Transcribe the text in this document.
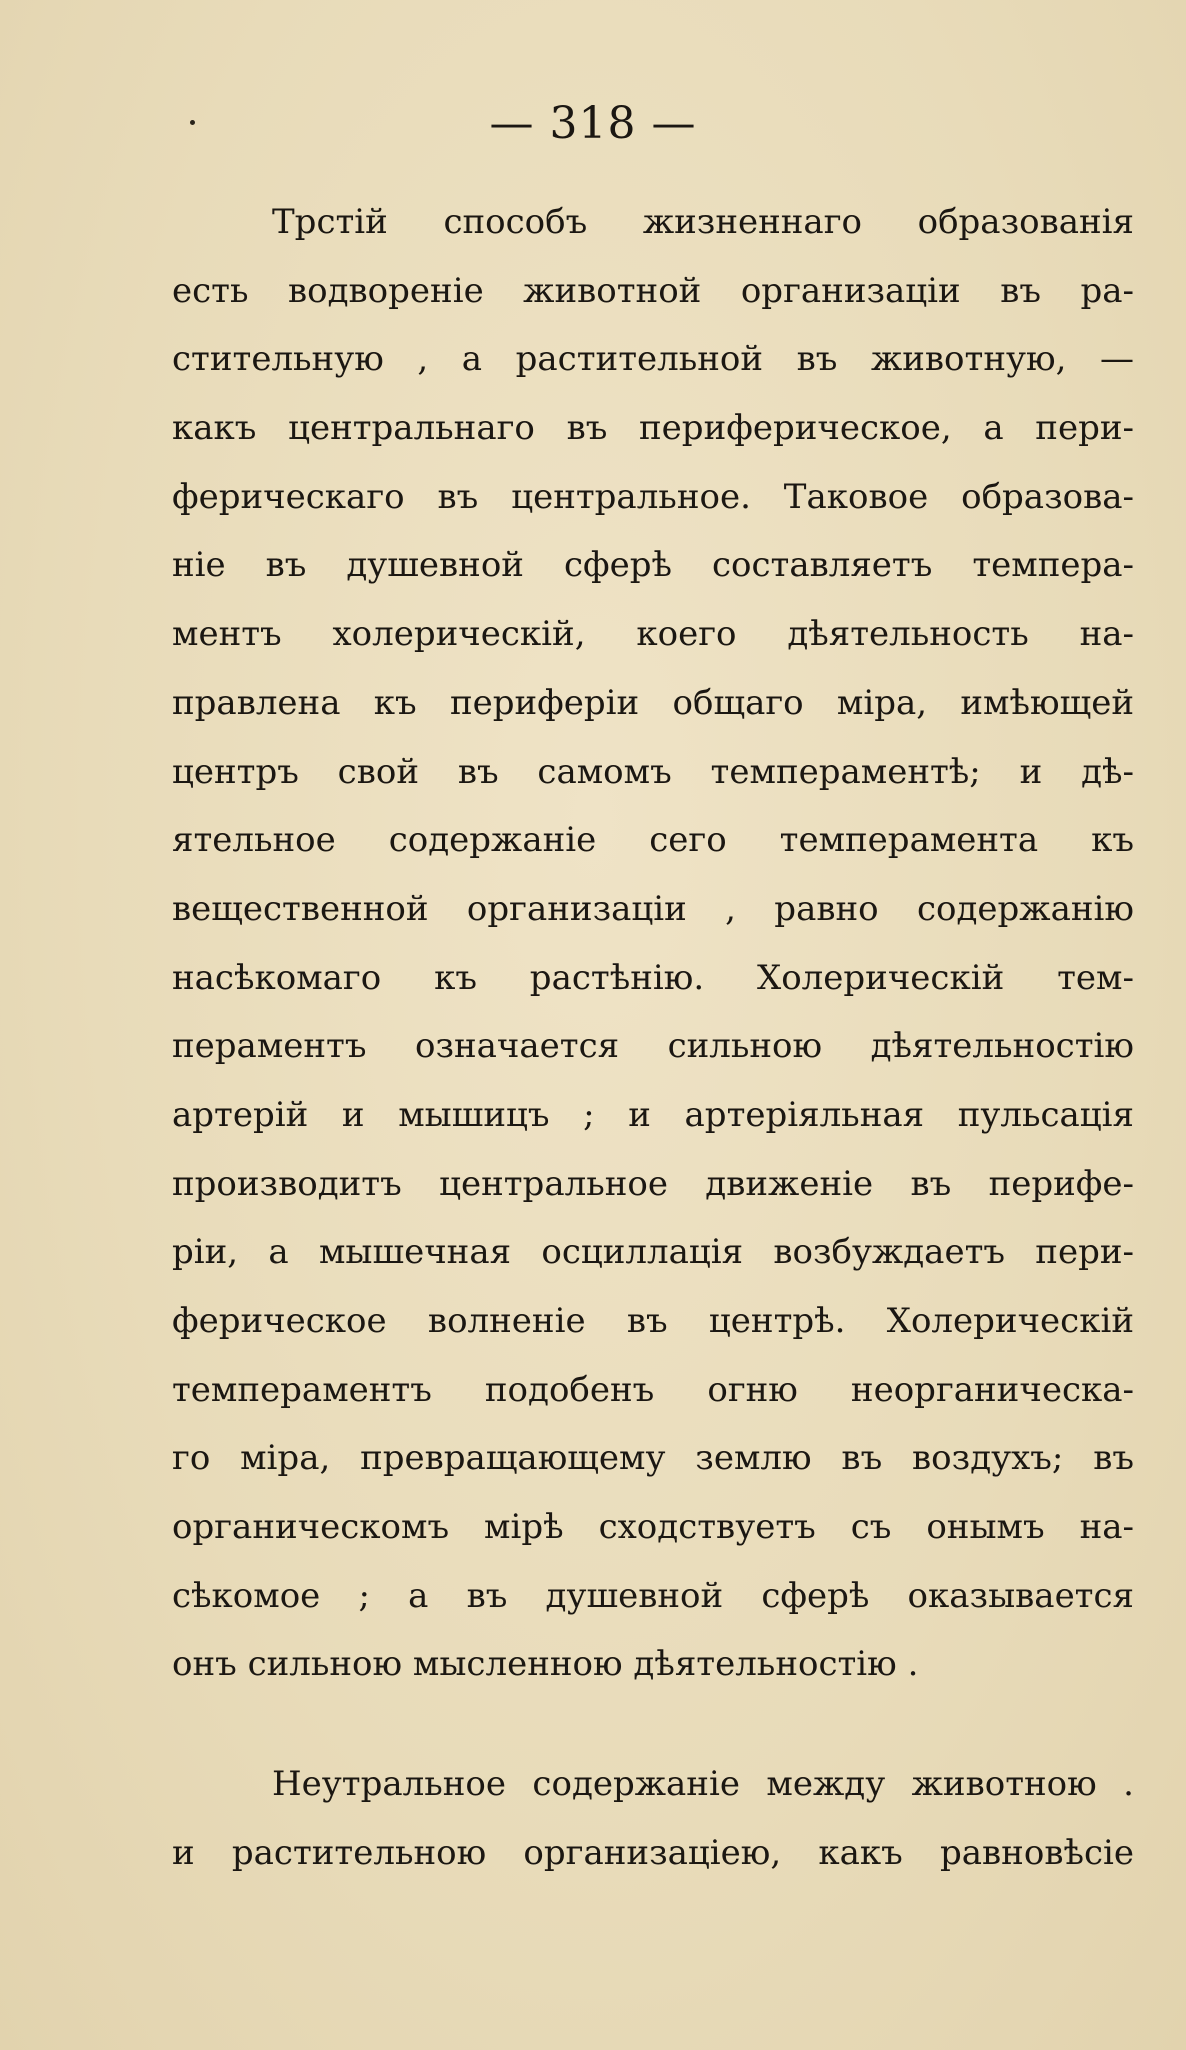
— 318 —
Трстій способъ жизненнаго образованія
есть водвореніе животной организаціи въ ра-
стительную , а растительной въ животную, —
какъ центральнаго въ периферическое, а пери-
ферическаго въ центральное. Таковое образова-
ніе въ душевной сферѣ составляетъ темпера-
ментъ холерическій, коего дѣятельность на-
правлена къ периферіи общаго міра, имѣющей
центръ свой въ самомъ темпераментѣ; и дѣ-
ятельное содержаніе сего темперамента къ
вещественной организаціи , равно содержанію
насѣкомаго къ растѣнію. Холерическій тем-
пераментъ означается сильною дѣятельностію
артерій и мышицъ ; и артеріяльная пульсація
производитъ центральное движеніе въ перифе-
ріи, а мышечная осциллація возбуждаетъ пери-
ферическое волненіе въ центрѣ. Холерическій
темпераментъ подобенъ огню неорганическа-
го міра, превращающему землю въ воздухъ; въ
органическомъ мірѣ сходствуетъ съ онымъ на-
сѣкомое ; а въ душевной сферѣ оказывается
онъ сильною мысленною дѣятельностію .
Неутральное содержаніе между животною .
и растительною организаціею, какъ равновѣсіе
